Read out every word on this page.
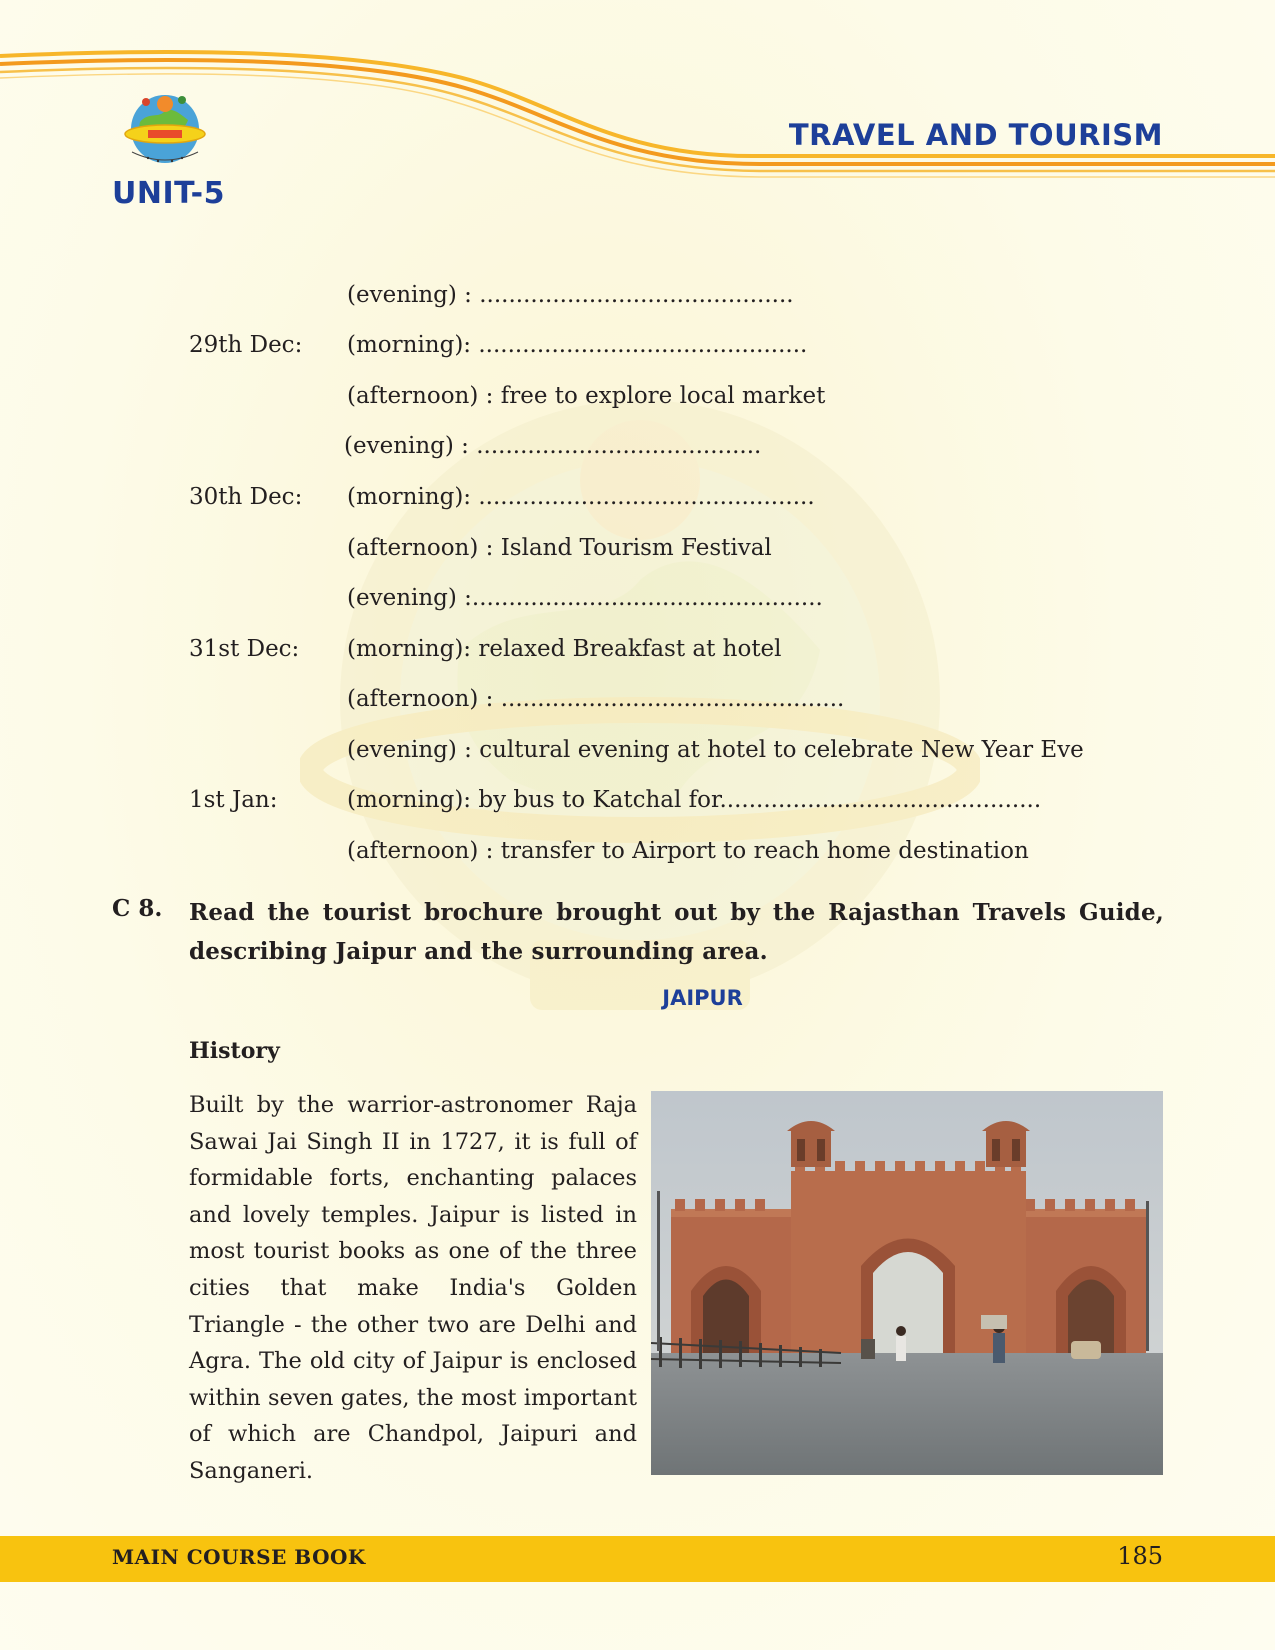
UNIT-5
TRAVEL AND TOURISM
(evening) : ...........................................
29th Dec: (morning): .............................................
(afternoon) : free to explore local market
(evening) : .......................................
30th Dec: (morning): ..............................................
(afternoon) : Island Tourism Festival
(evening) :................................................
31st Dec: (morning): relaxed Breakfast at hotel
(afternoon) : ...............................................
(evening) : cultural evening at hotel to celebrate New Year Eve
1st Jan:	(morning): by bus to Katchal for............................................
(afternoon) : transfer to Airport to reach home destination
C 8. Read the tourist brochure brought out by the Rajasthan Travels Guide, describing Jaipur and the surrounding area.
JAIPUR
History
Built by the warrior-astronomer Raja Sawai Jai Singh II in 1727, it is full of formidable forts, enchanting palaces and lovely temples. Jaipur is listed in most tourist books as one of the three cities that make India's Golden Triangle - the other two are Delhi and Agra. The old city of Jaipur is enclosed within seven gates, the most important of which are Chandpol, Jaipuri and Sanganeri.
MAIN COURSE BOOK	185
